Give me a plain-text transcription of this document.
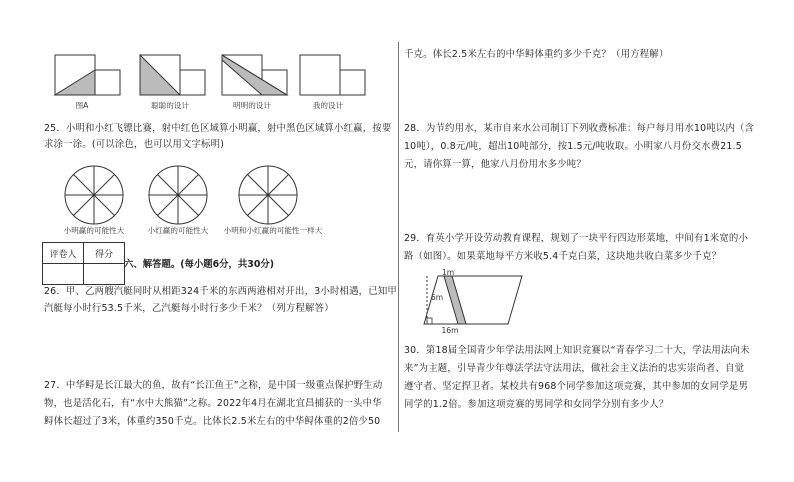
图A	聪聪的设计	明明的设计	我的设计
25．小明和小红飞镖比赛，射中红色区域算小明赢，射中黑色区域算小红赢，按要
求涂一涂。(可以涂色，也可以用文字标明)
小明赢的可能性大	小红赢的可能性大	小明和小红赢的可能性一样大
评卷人	得分

六、解答题。(每小题6分，共30分)
26．甲、乙两艘汽艇同时从相距324千米的东西两港相对开出，3小时相遇，已知甲
汽艇每小时行53.5千米，乙汽艇每小时行多少千米？（列方程解答）
27．中华鲟是长江最大的鱼，故有“长江鱼王”之称，是中国一级重点保护野生动
物，也是活化石，有“水中大熊猫”之称。2022年4月在湖北宜昌捕获的一头中华
鲟体长超过了3米，体重约350千克。比体长2.5米左右的中华鲟体重的2倍少50
千克。体长2.5米左右的中华鲟体重约多少千克？（用方程解）
28．为节约用水，某市自来水公司制订下列收费标准：每户每月用水10吨以内（含
10吨），0.8元/吨，超出10吨部分，按1.5元/吨收取。小明家八月份交水费21.5
元，请你算一算，他家八月份用水多少吨？
29．育英小学开设劳动教育课程，规划了一块平行四边形菜地，中间有1米宽的小
路（如图）。如果菜地每平方米收5.4千克白菜，这块地共收白菜多少千克？
1m
6m
16m
30．第18届全国青少年学法用法网上知识竞赛以“青春学习二十大，学法用法向未
来”为主题，引导青少年尊法学法守法用法，做社会主义法治的忠实崇尚者、自觉
遵守者、坚定捍卫者。某校共有968个同学参加这项竞赛，其中参加的女同学是男
同学的1.2倍。参加这项竞赛的男同学和女同学分别有多少人？
